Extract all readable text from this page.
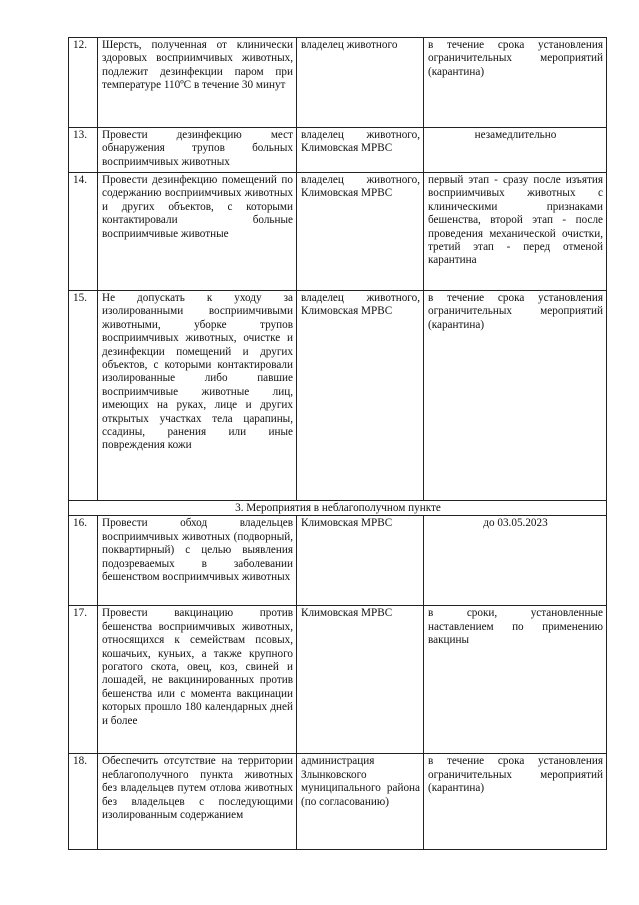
12.	Шерсть, полученная от клинически здоровых восприимчивых животных, подлежит дезинфекции паром при температуре 110ºС в течение 30 минут	владелец животного	в течение срока установления ограничительных мероприятий (карантина)
13.	Провести дезинфекцию мест обнаружения трупов больных восприимчивых животных	владелец животного, Климовская МРВС	незамедлительно
14.	Провести дезинфекцию помещений по содержанию восприимчивых животных и других объектов, с которыми контактировали больные восприимчивые животные	владелец животного, Климовская МРВС	первый этап - сразу после изъятия восприимчивых животных с клиническими признаками бешенства, второй этап - после проведения механической очистки, третий этап - перед отменой карантина
15.	Не допускать к уходу за изолированными восприимчивыми животными, уборке трупов восприимчивых животных, очистке и дезинфекции помещений и других объектов, с которыми контактировали изолированные либо павшие восприимчивые животные лиц, имеющих на руках, лице и других открытых участках тела царапины, ссадины, ранения или иные повреждения кожи	владелец животного, Климовская МРВС	в течение срока установления ограничительных мероприятий (карантина)
3. Мероприятия в неблагополучном пункте			
16.	Провести обход владельцев восприимчивых животных (подворный, поквартирный) с целью выявления подозреваемых в заболевании бешенством восприимчивых животных	Климовская МРВС	до 03.05.2023
17.	Провести вакцинацию против бешенства восприимчивых животных, относящихся к семействам псовых, кошачьих, куньих, а также крупного рогатого скота, овец, коз, свиней и лошадей, не вакцинированных против бешенства или с момента вакцинации которых прошло 180 календарных дней и более	Климовская МРВС	в сроки, установленные наставлением по применению вакцины
18.	Обеспечить отсутствие на территории неблагополучного пункта животных без владельцев путем отлова животных без владельцев с последующими изолированным содержанием	администрация Злынковского муниципального района (по согласованию)	в течение срока установления ограничительных мероприятий (карантина)
